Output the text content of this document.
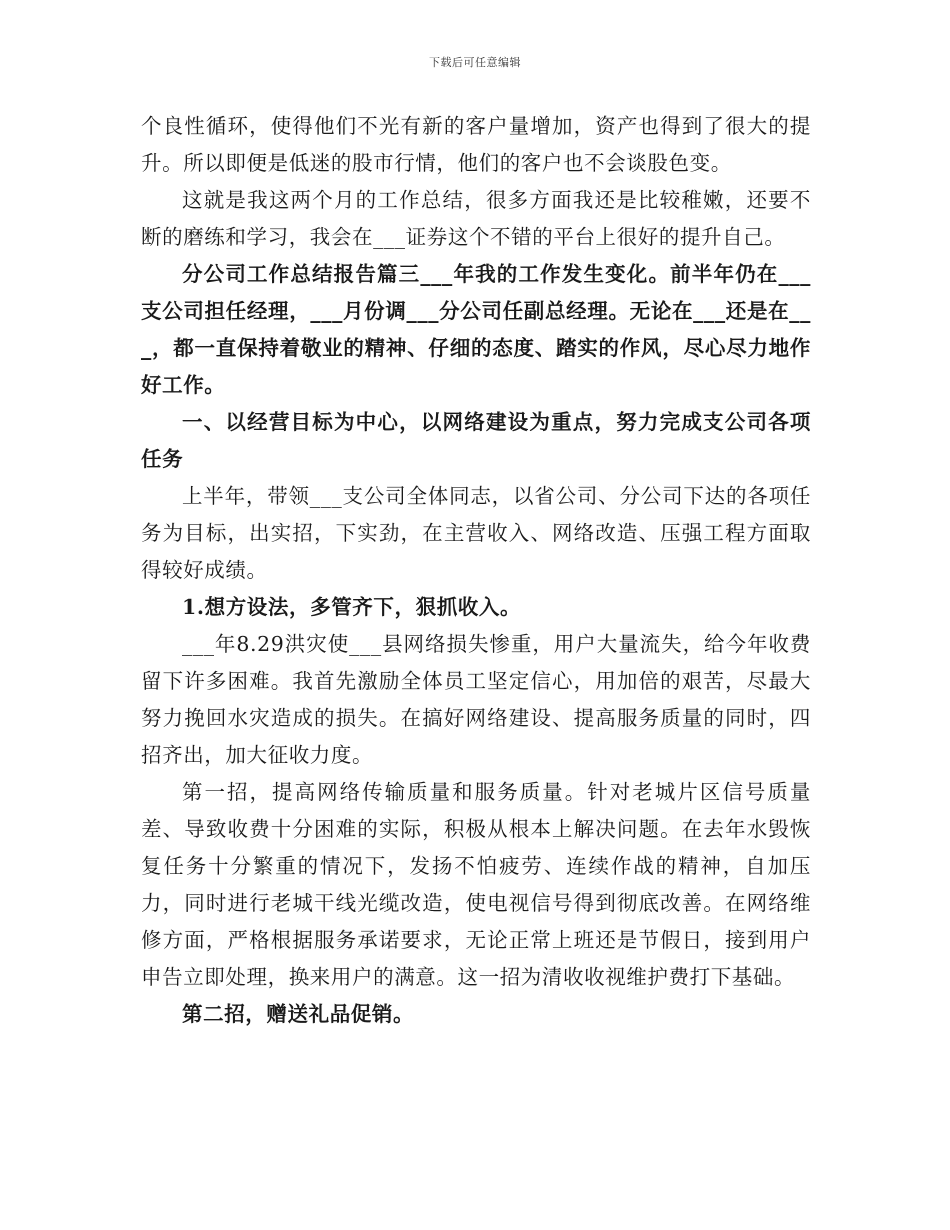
下载后可任意编辑

个良性循环，使得他们不光有新的客户量增加，资产也得到了很大的提升。所以即便是低迷的股市行情，他们的客户也不会谈股色变。

这就是我这两个月的工作总结，很多方面我还是比较稚嫩，还要不断的磨练和学习，我会在___证券这个不错的平台上很好的提升自己。

分公司工作总结报告篇三___年我的工作发生变化。前半年仍在___支公司担任经理，___月份调___分公司任副总经理。无论在___还是在___，都一直保持着敬业的精神、仔细的态度、踏实的作风，尽心尽力地作好工作。

一、以经营目标为中心，以网络建设为重点，努力完成支公司各项任务

上半年，带领___支公司全体同志，以省公司、分公司下达的各项任务为目标，出实招，下实劲，在主营收入、网络改造、压强工程方面取得较好成绩。

1.想方设法，多管齐下，狠抓收入。

___年8.29洪灾使___县网络损失惨重，用户大量流失，给今年收费留下许多困难。我首先激励全体员工坚定信心，用加倍的艰苦，尽最大努力挽回水灾造成的损失。在搞好网络建设、提高服务质量的同时，四招齐出，加大征收力度。

第一招，提高网络传输质量和服务质量。针对老城片区信号质量差、导致收费十分困难的实际，积极从根本上解决问题。在去年水毁恢复任务十分繁重的情况下，发扬不怕疲劳、连续作战的精神，自加压力，同时进行老城干线光缆改造，使电视信号得到彻底改善。在网络维修方面，严格根据服务承诺要求，无论正常上班还是节假日，接到用户申告立即处理，换来用户的满意。这一招为清收收视维护费打下基础。

第二招，赠送礼品促销。
